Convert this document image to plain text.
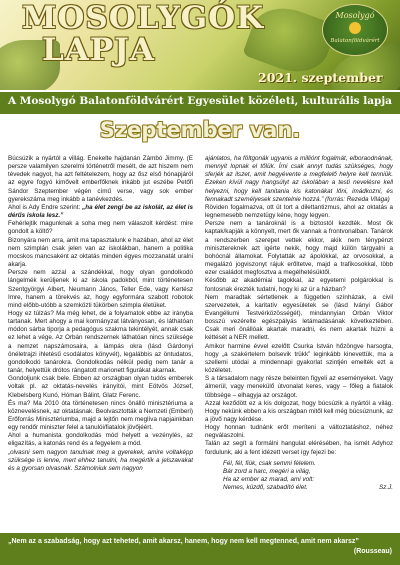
MOSOLYGÓK
LAPJA
Mosolygó
Balatonföldvárért
2021. szeptember
A Mosolygó Balatonföldvárért Egyesület közéleti, kulturális lapja
Szeptember van.

Búcsúzik a nyártól a villág. Énekelte hajdanán Zámbó Jimmy. (E persze valamilyen szerelmi történetről mesélt, de azt hiszem nem tévedek nagyot, ha azt feltételezem, hogy az ősz első hónapjáról az egyre fogyó kimővelt emberfőknek inkább jut eszébe Petőfi Sándor Szeptember végén című verse, vagy sok ember gyerekszáma meg inkább a tanévkezdés.

Ahol is Ady Endre szerint: „ha élet zengi be az iskolát, az élet is dérűs iskola lesz.”

Fehérlejtik magunknak a soha meg nem válaszolt kérdést: mire gondolt a költő?

Bizonyára nem arra, amit ma tapasztalunk e hazában, ahol az élet nem szimplán csak jelen van az iskolákban, hanem a politika mocskos mancsaként az oktatás minden égyes mozzanatát uralni akarja.

Persze nem azzal a szándékkal, hogy olyan gondolkodó lángelmék kerüljenek ki az iskola padokból, mint történetesen Szentgyörgyi Albert, Neumann János, Teller Ede, vagy Kertész Imre, hanem a törekvés az, hogy egyformára szabott robotok mind előbb-utóbb a szemközti tükörben szimpla életüket.

Hogy ez túlzás? Ma még lehet, de a folyamatok ebbe az irányba tartanak. Mert ahogy a mai kormányzat látványosan, és láthatóan módon sárba tiporja a pedagógus szakma tekintélyét, annak csak ez lehet a vége. Az Orbán rendszernek láthatóan nincs szüksége a nemzet napszámosaira, a lámpás okra (lásd Gárdonyi önéletrajzi ihletésű csodálatos könyvét), legalábbis az öntudatos, gondolkodó tanárokra. Gondolkodás nélkül pedig nem tanár a tanár, helyettük drótos rángatott marionett figurákat akarnak.

Gondoljunk csak bele. Ebben az országban olyan tudós emberek voltak pl. az oktatás-nevelés irányítói, mint Eötvös József, Klebelsberg Kunó, Hóman Bálint, Glatz Ferenc.

És ma? Ma 2010 óta történetesen nincs önálló minisztériuma a köznevelésnek, az oktatásnak. Beolvasztották a Nemzeti (Emberi) Erőforrás Minisztériumba, majd a lejtőn nem meglíva napjainkban egy rendőr miniszter felel a tanulói/fiatalok jövőjéért.

Ahol a humanista gondolkodás mód helyett a vezénylés, az eligazítás, a katonás rend és a fegyelem a mód.

„olvasni sem nagyon tanulnak meg a gyerekek, amire voltaképp szüksége is lenne, mert ehhez tanulni, ha megértik a jelszavakat és a gyorsan olvasnak. Számolniuk sem nagyon

ajánlatos, ha föltgonák ugyanis a milliónt fogalmát, elboraodnának, mennyit lopnak el tőlük. Írni csak annyt tudás szükséges, hogy sferjék az ilszet, amit hegyévente a megfelelő helyre kell tenniük. Ezeken kívül nagy hangsúlyt az iskolában a testi nevelésre kell helyezni, hogy kell tanitania kis katonákat lőni, imádkozni, és fennakadt személyesek szentelnie hozzá.” (forrás: Rezeda Világa)

Röviden fogalmazva, ott üt tort a dilettantizmus, ahol az oktatás a legnemesebb nemzetügy kéne, hogy legyen.

Persze nem a tanároknál is a biztostól kezdték. Most ők kaptak/kapják a könnyelt, mert ők vannak a frontvonalban. Tanárok a rendszerben szerepet vettek ekkor, akik nem ténypénzt minisztereknek azt igérte nekik, hogy majd külön tárgyalni a bohócnál államokat. Folytatták az ápolókkal, az orvosokkal, a megalázó jogviszonyt rájuk erőltetve, majd a trafikosokkal, több ezer családot megfosztva a megélhetésüktől.

Később az akadémiai tagokkal, az egyetemi polgárokkal is fontosnak érezték tudatni, hogy ki az úr a házban?

Nem maradtak sértetlenek a független színházak, a civil szervezetek, a karitatív egyesületek se (lásd Iványi Gábor Evangéliumi Testvérközösségét), mindannyian Orbán Viktor bosszú vezérelte egészpályás letámadásának következtében. Csak meri önállóak akartak maradni, és nem akartak húzni a kéttését a NER mellett.

Amikor harmine évvel ezelőtt Csurka István hőzöngve harsogta, hogy „a szakértelem bolsevik trükk” leginkább kinevettük, ma a szellemi utódai a mindennapi gyakorlat szintjén emelték ezt a közéletet.

S a társadalom nagy része beleinten figyeli az eseményeket. Vagy álmerül, vagy menekülő útvonalat keres, vagy – főleg a fiatalok többsége – elhagyja az országot.

Azzal keződött ez a kis dolgozat, hogy búcsúzik a nyártól a világ. Hogy nekünk ebben a kis országban mitől kell még búcsúznunk, az a jövő nagy kérdése.

Hogy honnan tudnánk erőt meríteni a változtatáshoz, néhez negválaszolni.

Talán az segít a formálni hangulat elérésében, ha ismét Adyhoz fordulunk, aki a fent idézett verset így fejezi be:

Fél, fél, fiúk, csak semmi félelem.
Bár zord a harc, megéri a világ,
Ha az ember az marad, ami volt:
Nemes, küzdő, szabadító élet.	Sz.J.
„Nem az a szabadság, hogy azt teheted, amit akarsz, hanem, hogy nem kell megtenned, amit nem akarsz”
(Rousseau)
